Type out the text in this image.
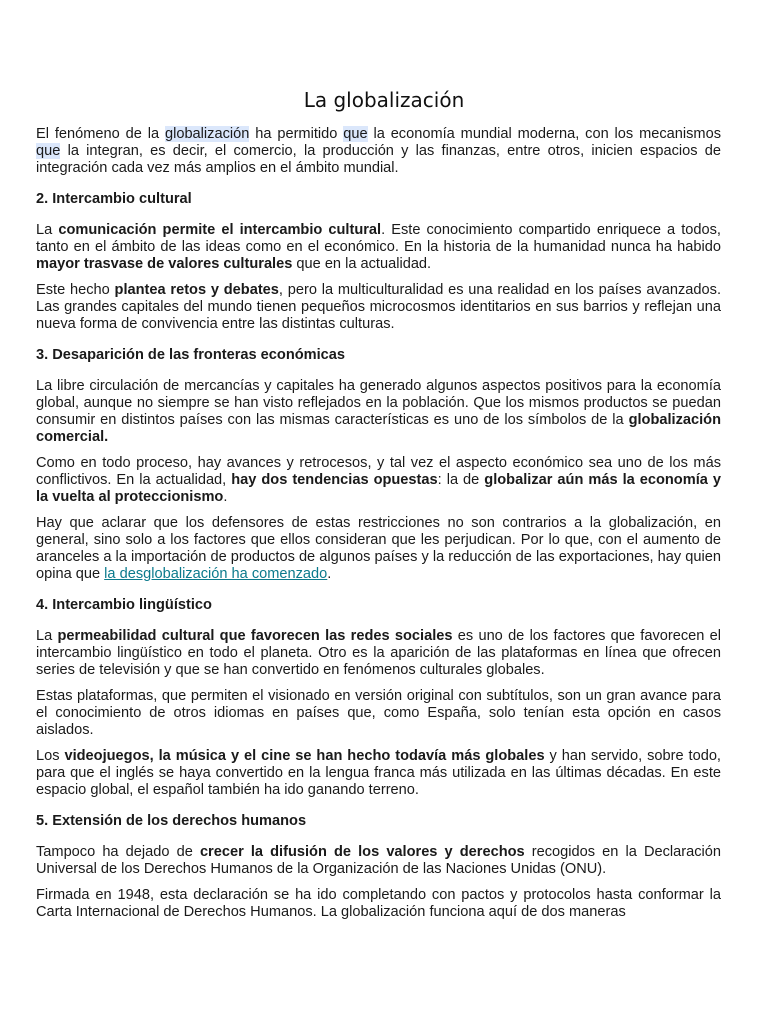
La globalización

El fenómeno de la globalización ha permitido que la economía mundial moderna, con los mecanismos que la integran, es decir, el comercio, la producción y las finanzas, entre otros, inicien espacios de integración cada vez más amplios en el ámbito mundial.

2. Intercambio cultural

La comunicación permite el intercambio cultural. Este conocimiento compartido enriquece a todos, tanto en el ámbito de las ideas como en el económico. En la historia de la humanidad nunca ha habido mayor trasvase de valores culturales que en la actualidad.

Este hecho plantea retos y debates, pero la multiculturalidad es una realidad en los países avanzados. Las grandes capitales del mundo tienen pequeños microcosmos identitarios en sus barrios y reflejan una nueva forma de convivencia entre las distintas culturas.

3. Desaparición de las fronteras económicas

La libre circulación de mercancías y capitales ha generado algunos aspectos positivos para la economía global, aunque no siempre se han visto reflejados en la población. Que los mismos productos se puedan consumir en distintos países con las mismas características es uno de los símbolos de la globalización comercial.

Como en todo proceso, hay avances y retrocesos, y tal vez el aspecto económico sea uno de los más conflictivos. En la actualidad, hay dos tendencias opuestas: la de globalizar aún más la economía y la vuelta al proteccionismo.

Hay que aclarar que los defensores de estas restricciones no son contrarios a la globalización, en general, sino solo a los factores que ellos consideran que les perjudican. Por lo que, con el aumento de aranceles a la importación de productos de algunos países y la reducción de las exportaciones, hay quien opina que la desglobalización ha comenzado.

4. Intercambio lingüístico

La permeabilidad cultural que favorecen las redes sociales es uno de los factores que favorecen el intercambio lingüístico en todo el planeta. Otro es la aparición de las plataformas en línea que ofrecen series de televisión y que se han convertido en fenómenos culturales globales.

Estas plataformas, que permiten el visionado en versión original con subtítulos, son un gran avance para el conocimiento de otros idiomas en países que, como España, solo tenían esta opción en casos aislados.

Los videojuegos, la música y el cine se han hecho todavía más globales y han servido, sobre todo, para que el inglés se haya convertido en la lengua franca más utilizada en las últimas décadas. En este espacio global, el español también ha ido ganando terreno.

5. Extensión de los derechos humanos

Tampoco ha dejado de crecer la difusión de los valores y derechos recogidos en la Declaración Universal de los Derechos Humanos de la Organización de las Naciones Unidas (ONU).

Firmada en 1948, esta declaración se ha ido completando con pactos y protocolos hasta conformar la Carta Internacional de Derechos Humanos. La globalización funciona aquí de dos maneras
